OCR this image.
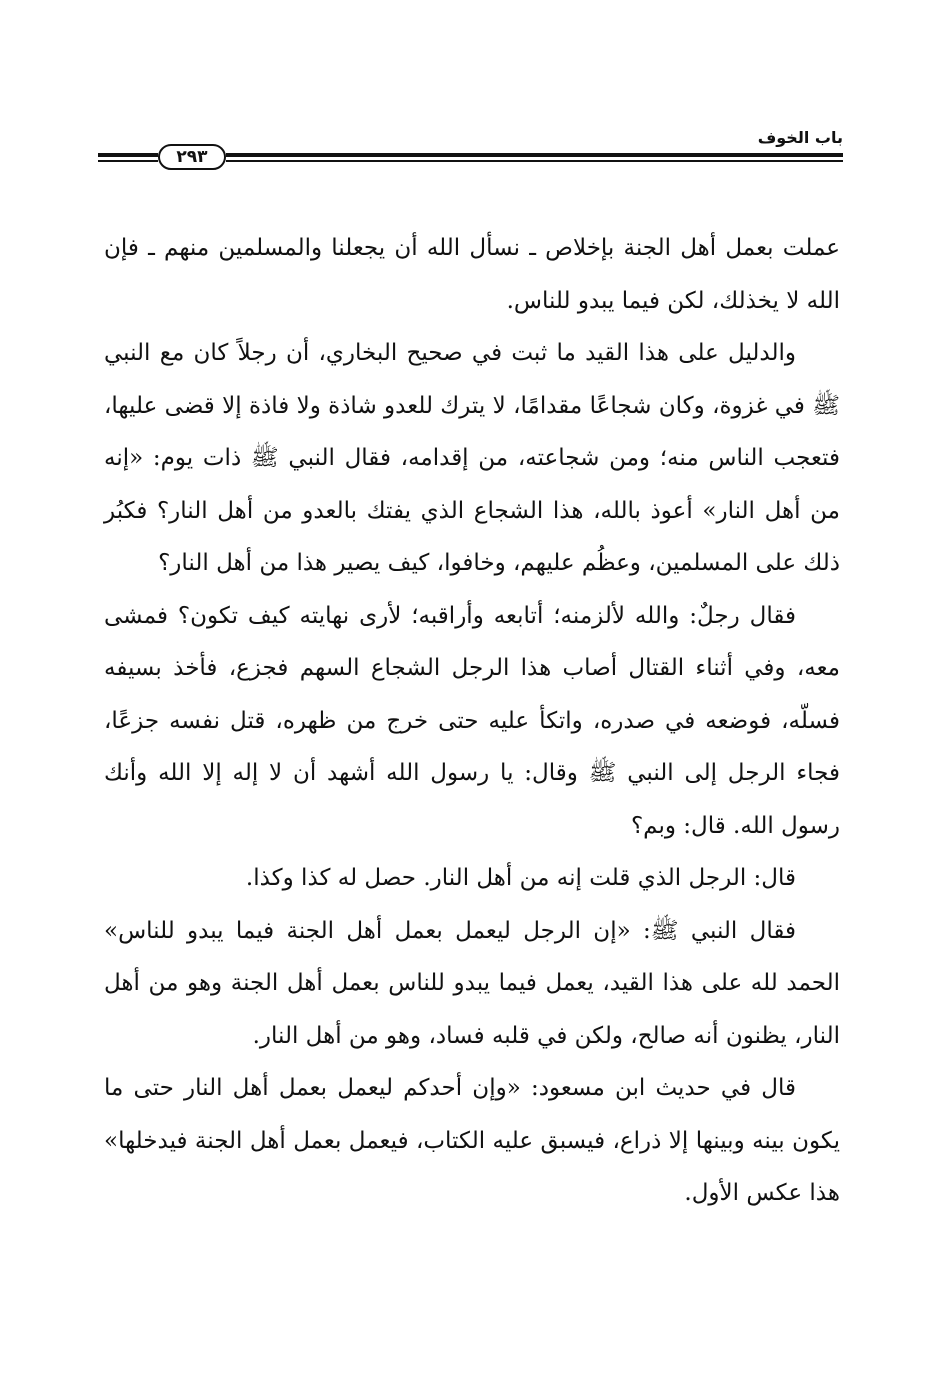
باب الخوف
٢٩٣

عملت بعمل أهل الجنة بإخلاص ـ نسأل الله أن يجعلنا والمسلمين منهم ـ فإن الله لا يخذلك، لكن فيما يبدو للناس.

والدليل على هذا القيد ما ثبت في صحيح البخاري، أن رجلاً كان مع النبي ﷺ في غزوة، وكان شجاعًا مقدامًا، لا يترك للعدو شاذة ولا فاذة إلا قضى عليها، فتعجب الناس منه؛ ومن شجاعته، من إقدامه، فقال النبي ﷺ ذات يوم: «إنه من أهل النار» أعوذ بالله، هذا الشجاع الذي يفتك بالعدو من أهل النار؟ فكبُر ذلك على المسلمين، وعظُم عليهم، وخافوا، كيف يصير هذا من أهل النار؟

فقال رجلٌ: والله لألزمنه؛ أتابعه وأراقبه؛ لأرى نهايته كيف تكون؟ فمشى معه، وفي أثناء القتال أصاب هذا الرجل الشجاع السهم فجزع، فأخذ بسيفه فسلّه، فوضعه في صدره، واتكأ عليه حتى خرج من ظهره، قتل نفسه جزعًا، فجاء الرجل إلى النبي ﷺ وقال: يا رسول الله أشهد أن لا إله إلا الله وأنك رسول الله. قال: وبم؟

قال: الرجل الذي قلت إنه من أهل النار. حصل له كذا وكذا.

فقال النبي ﷺ: «إن الرجل ليعمل بعمل أهل الجنة فيما يبدو للناس» الحمد لله على هذا القيد، يعمل فيما يبدو للناس بعمل أهل الجنة وهو من أهل النار، يظنون أنه صالح، ولكن في قلبه فساد، وهو من أهل النار.

قال في حديث ابن مسعود: «وإن أحدكم ليعمل بعمل أهل النار حتى ما يكون بينه وبينها إلا ذراع، فيسبق عليه الكتاب، فيعمل بعمل أهل الجنة فيدخلها» هذا عكس الأول.
